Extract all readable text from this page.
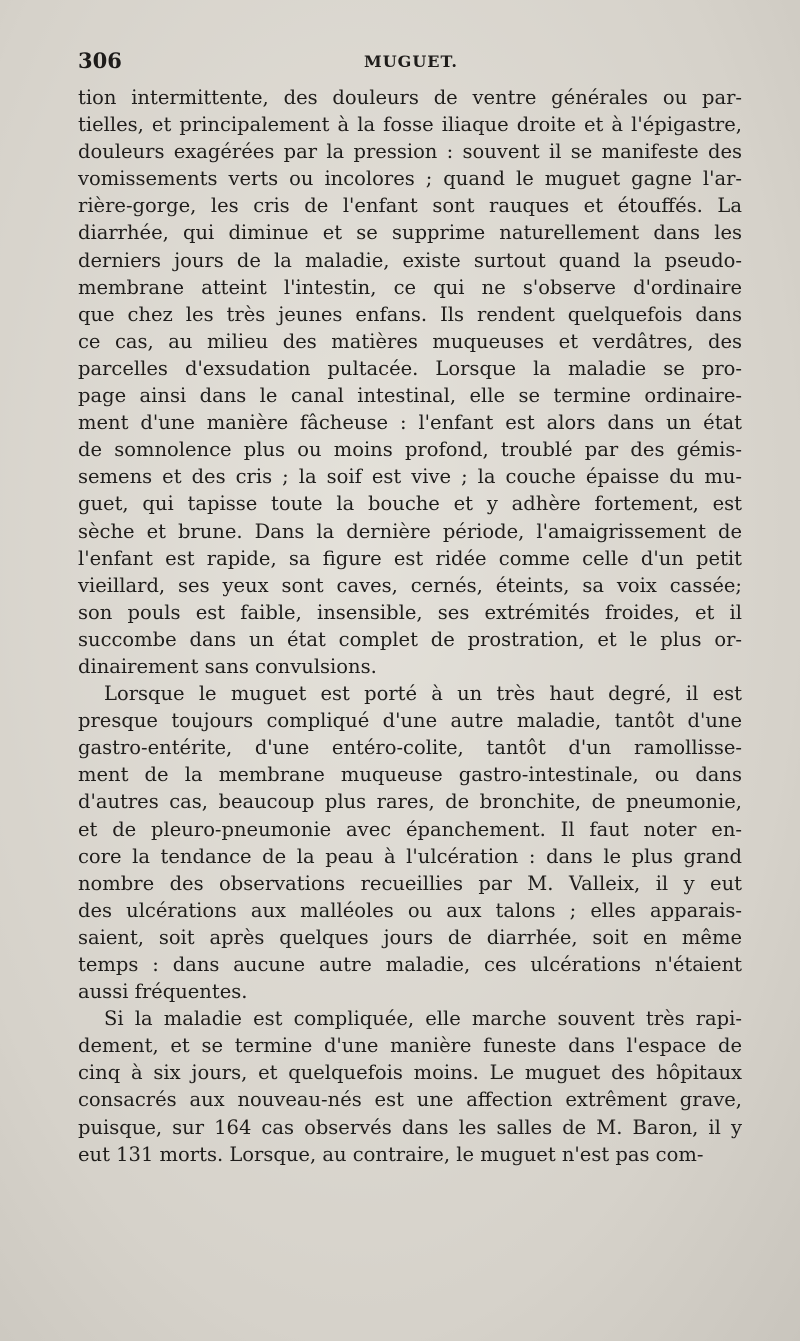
306	MUGUET.
tion intermittente, des douleurs de ventre générales ou par-
tielles, et principalement à la fosse iliaque droite et à l'épigastre,
douleurs exagérées par la pression : souvent il se manifeste des
vomissements verts ou incolores ; quand le muguet gagne l'ar-
rière-gorge, les cris de l'enfant sont rauques et étouffés. La
diarrhée, qui diminue et se supprime naturellement dans les
derniers jours de la maladie, existe surtout quand la pseudo-
membrane atteint l'intestin, ce qui ne s'observe d'ordinaire
que chez les très jeunes enfans. Ils rendent quelquefois dans
ce cas, au milieu des matières muqueuses et verdâtres, des
parcelles d'exsudation pultacée. Lorsque la maladie se pro-
page ainsi dans le canal intestinal, elle se termine ordinaire-
ment d'une manière fâcheuse : l'enfant est alors dans un état
de somnolence plus ou moins profond, troublé par des gémis-
semens et des cris ; la soif est vive ; la couche épaisse du mu-
guet, qui tapisse toute la bouche et y adhère fortement, est
sèche et brune. Dans la dernière période, l'amaigrissement de
l'enfant est rapide, sa figure est ridée comme celle d'un petit
vieillard, ses yeux sont caves, cernés, éteints, sa voix cassée;
son pouls est faible, insensible, ses extrémités froides, et il
succombe dans un état complet de prostration, et le plus or-
dinairement sans convulsions.
Lorsque le muguet est porté à un très haut degré, il est
presque toujours compliqué d'une autre maladie, tantôt d'une
gastro-entérite, d'une entéro-colite, tantôt d'un ramollisse-
ment de la membrane muqueuse gastro-intestinale, ou dans
d'autres cas, beaucoup plus rares, de bronchite, de pneumonie,
et de pleuro-pneumonie avec épanchement. Il faut noter en-
core la tendance de la peau à l'ulcération : dans le plus grand
nombre des observations recueillies par M. Valleix, il y eut
des ulcérations aux malléoles ou aux talons ; elles apparais-
saient, soit après quelques jours de diarrhée, soit en même
temps : dans aucune autre maladie, ces ulcérations n'étaient
aussi fréquentes.
Si la maladie est compliquée, elle marche souvent très rapi-
dement, et se termine d'une manière funeste dans l'espace de
cinq à six jours, et quelquefois moins. Le muguet des hôpitaux
consacrés aux nouveau-nés est une affection extrêment grave,
puisque, sur 164 cas observés dans les salles de M. Baron, il y
eut 131 morts. Lorsque, au contraire, le muguet n'est pas com-
